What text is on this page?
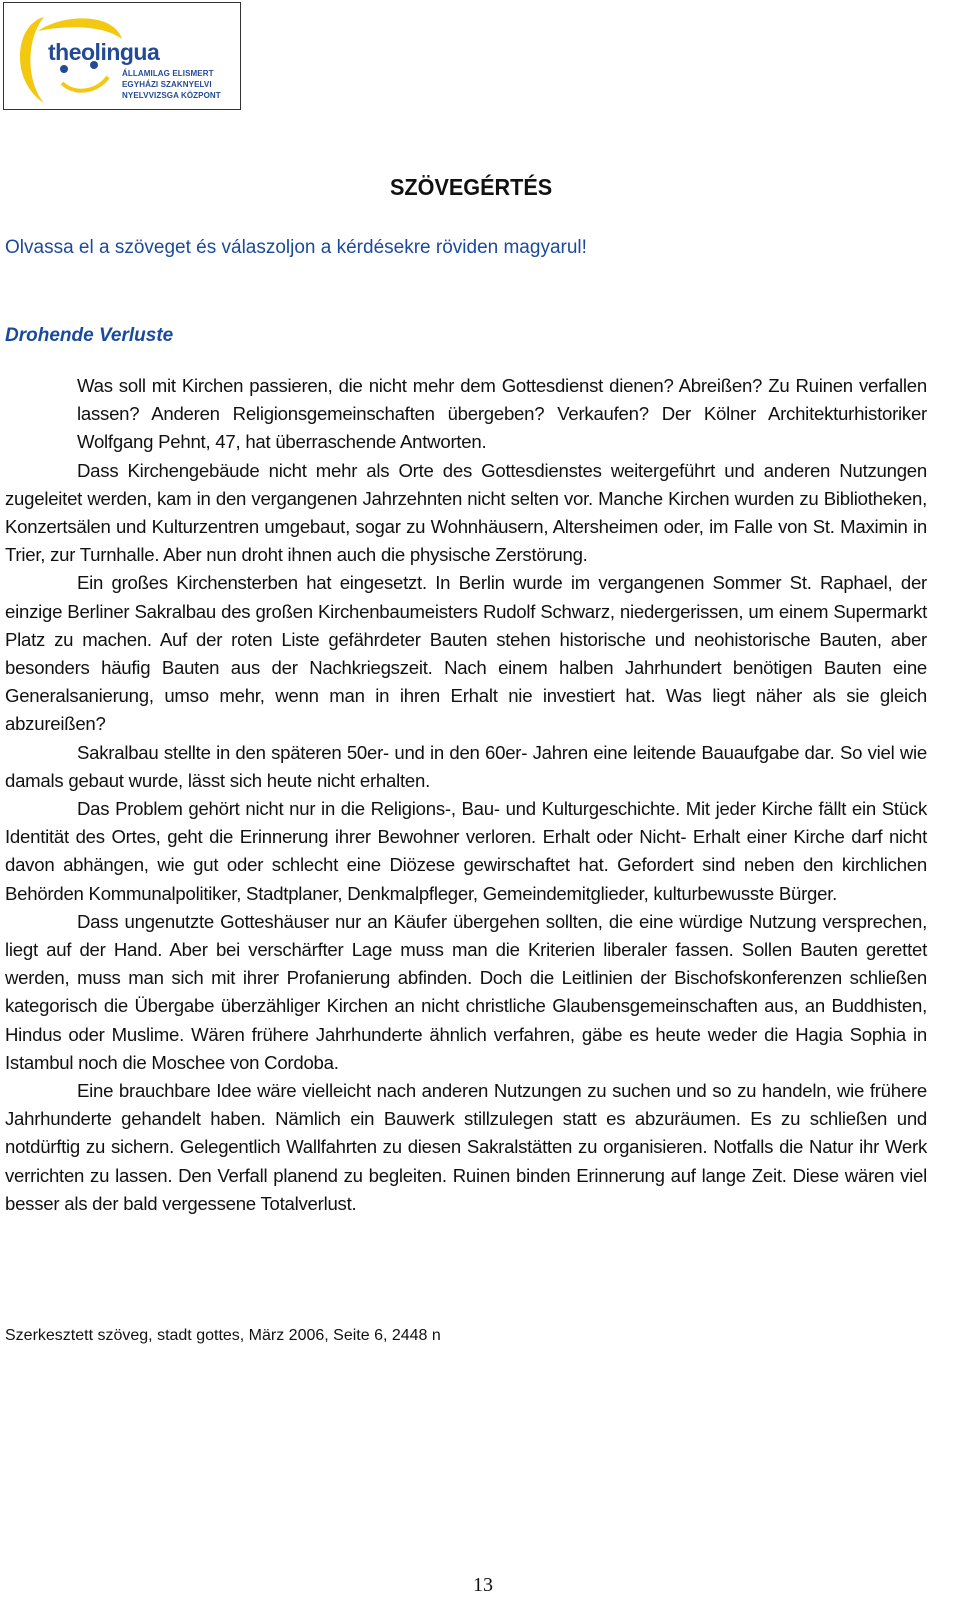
theolingua
ÁLLAMILAG ELISMERT
EGYHÁZI SZAKNYELVI
NYELVVIZSGA KÖZPONT
SZÖVEGÉRTÉS
Olvassa el a szöveget és válaszoljon a kérdésekre röviden magyarul!
Drohende Verluste

Was soll mit Kirchen passieren, die nicht mehr dem Gottesdienst dienen? Abreißen? Zu Ruinen verfallen lassen? Anderen Religionsgemeinschaften übergeben? Verkaufen? Der Kölner Architekturhistoriker Wolfgang Pehnt, 47, hat überraschende Antworten.

Dass Kirchengebäude nicht mehr als Orte des Gottesdienstes weitergeführt und anderen Nutzungen zugeleitet werden, kam in den vergangenen Jahrzehnten nicht selten vor. Manche Kirchen wurden zu Bibliotheken, Konzertsälen und Kulturzentren umgebaut, sogar zu Wohnhäusern, Altersheimen oder, im Falle von St. Maximin in Trier, zur Turnhalle. Aber nun droht ihnen auch die physische Zerstörung.

Ein großes Kirchensterben hat eingesetzt. In Berlin wurde im vergangenen Sommer St. Raphael, der einzige Berliner Sakralbau des großen Kirchenbaumeisters Rudolf Schwarz, niedergerissen, um einem Supermarkt Platz zu machen. Auf der roten Liste gefährdeter Bauten stehen historische und neohistorische Bauten, aber besonders häufig Bauten aus der Nachkriegszeit. Nach einem halben Jahrhundert benötigen Bauten eine Generalsanierung, umso mehr, wenn man in ihren Erhalt nie investiert hat. Was liegt näher als sie gleich abzureißen?

Sakralbau stellte in den späteren 50er- und in den 60er- Jahren eine leitende Bauaufgabe dar. So viel wie damals gebaut wurde, lässt sich heute nicht erhalten.

Das Problem gehört nicht nur in die Religions-, Bau- und Kulturgeschichte. Mit jeder Kirche fällt ein Stück Identität des Ortes, geht die Erinnerung ihrer Bewohner verloren. Erhalt oder Nicht- Erhalt einer Kirche darf nicht davon abhängen, wie gut oder schlecht eine Diözese gewirschaftet hat. Gefordert sind neben den kirchlichen Behörden Kommunalpolitiker, Stadtplaner, Denkmalpfleger, Gemeindemitglieder, kulturbewusste Bürger.

Dass ungenutzte Gotteshäuser nur an Käufer übergehen sollten, die eine würdige Nutzung versprechen, liegt auf der Hand. Aber bei verschärfter Lage muss man die Kriterien liberaler fassen. Sollen Bauten gerettet werden, muss man sich mit ihrer Profanierung abfinden. Doch die Leitlinien der Bischofskonferenzen schließen kategorisch die Übergabe überzähliger Kirchen an nicht christliche Glaubensgemeinschaften aus, an Buddhisten, Hindus oder Muslime. Wären frühere Jahrhunderte ähnlich verfahren, gäbe es heute weder die Hagia Sophia in Istambul noch die Moschee von Cordoba.

Eine brauchbare Idee wäre vielleicht nach anderen Nutzungen zu suchen und so zu handeln, wie frühere Jahrhunderte gehandelt haben. Nämlich ein Bauwerk stillzulegen statt es abzuräumen. Es zu schließen und notdürftig zu sichern. Gelegentlich Wallfahrten zu diesen Sakralstätten zu organisieren. Notfalls die Natur ihr Werk verrichten zu lassen. Den Verfall planend zu begleiten. Ruinen binden Erinnerung auf lange Zeit. Diese wären viel besser als der bald vergessene Totalverlust.

Szerkesztett szöveg, stadt gottes, März 2006, Seite 6, 2448 n
13
